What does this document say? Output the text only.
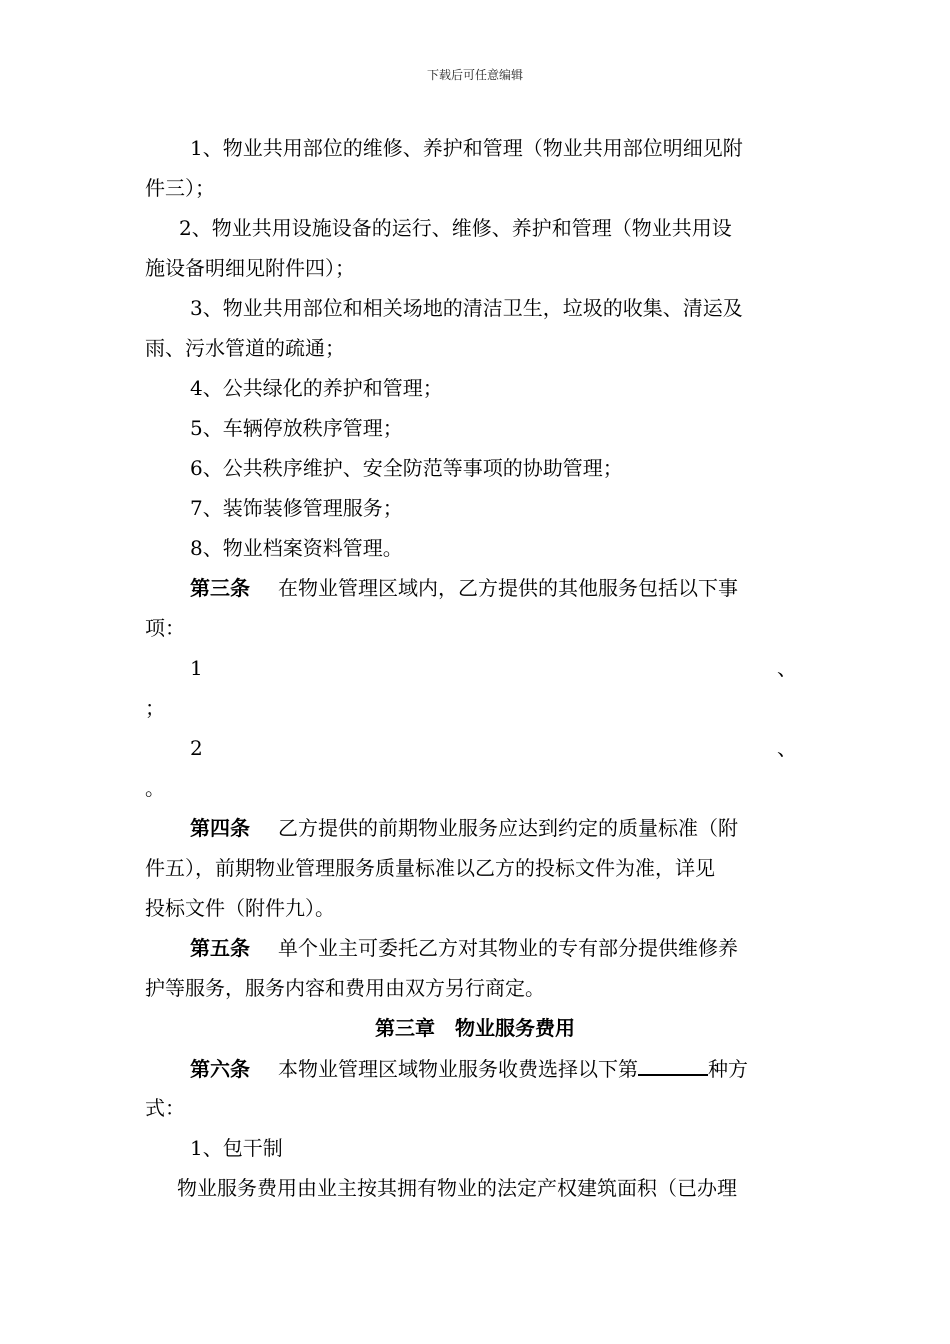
下载后可任意编辑
1、物业共用部位的维修、养护和管理（物业共用部位明细见附
件三）；
2、物业共用设施设备的运行、维修、养护和管理（物业共用设
施设备明细见附件四）；
3、物业共用部位和相关场地的清洁卫生，垃圾的收集、清运及
雨、污水管道的疏通；
4、公共绿化的养护和管理；
5、车辆停放秩序管理；
6、公共秩序维护、安全防范等事项的协助管理；
7、装饰装修管理服务；
8、物业档案资料管理。
第三条 在物业管理区域内，乙方提供的其他服务包括以下事
项：
1	、
；
2	、
。
第四条 乙方提供的前期物业服务应达到约定的质量标准（附
件五），前期物业管理服务质量标准以乙方的投标文件为准，详见
投标文件（附件九）。
第五条 单个业主可委托乙方对其物业的专有部分提供维修养
护等服务，服务内容和费用由双方另行商定。
第三章　物业服务费用
第六条 本物业管理区域物业服务收费选择以下第	种方
式：
1、包干制
物业服务费用由业主按其拥有物业的法定产权建筑面积（已办理
